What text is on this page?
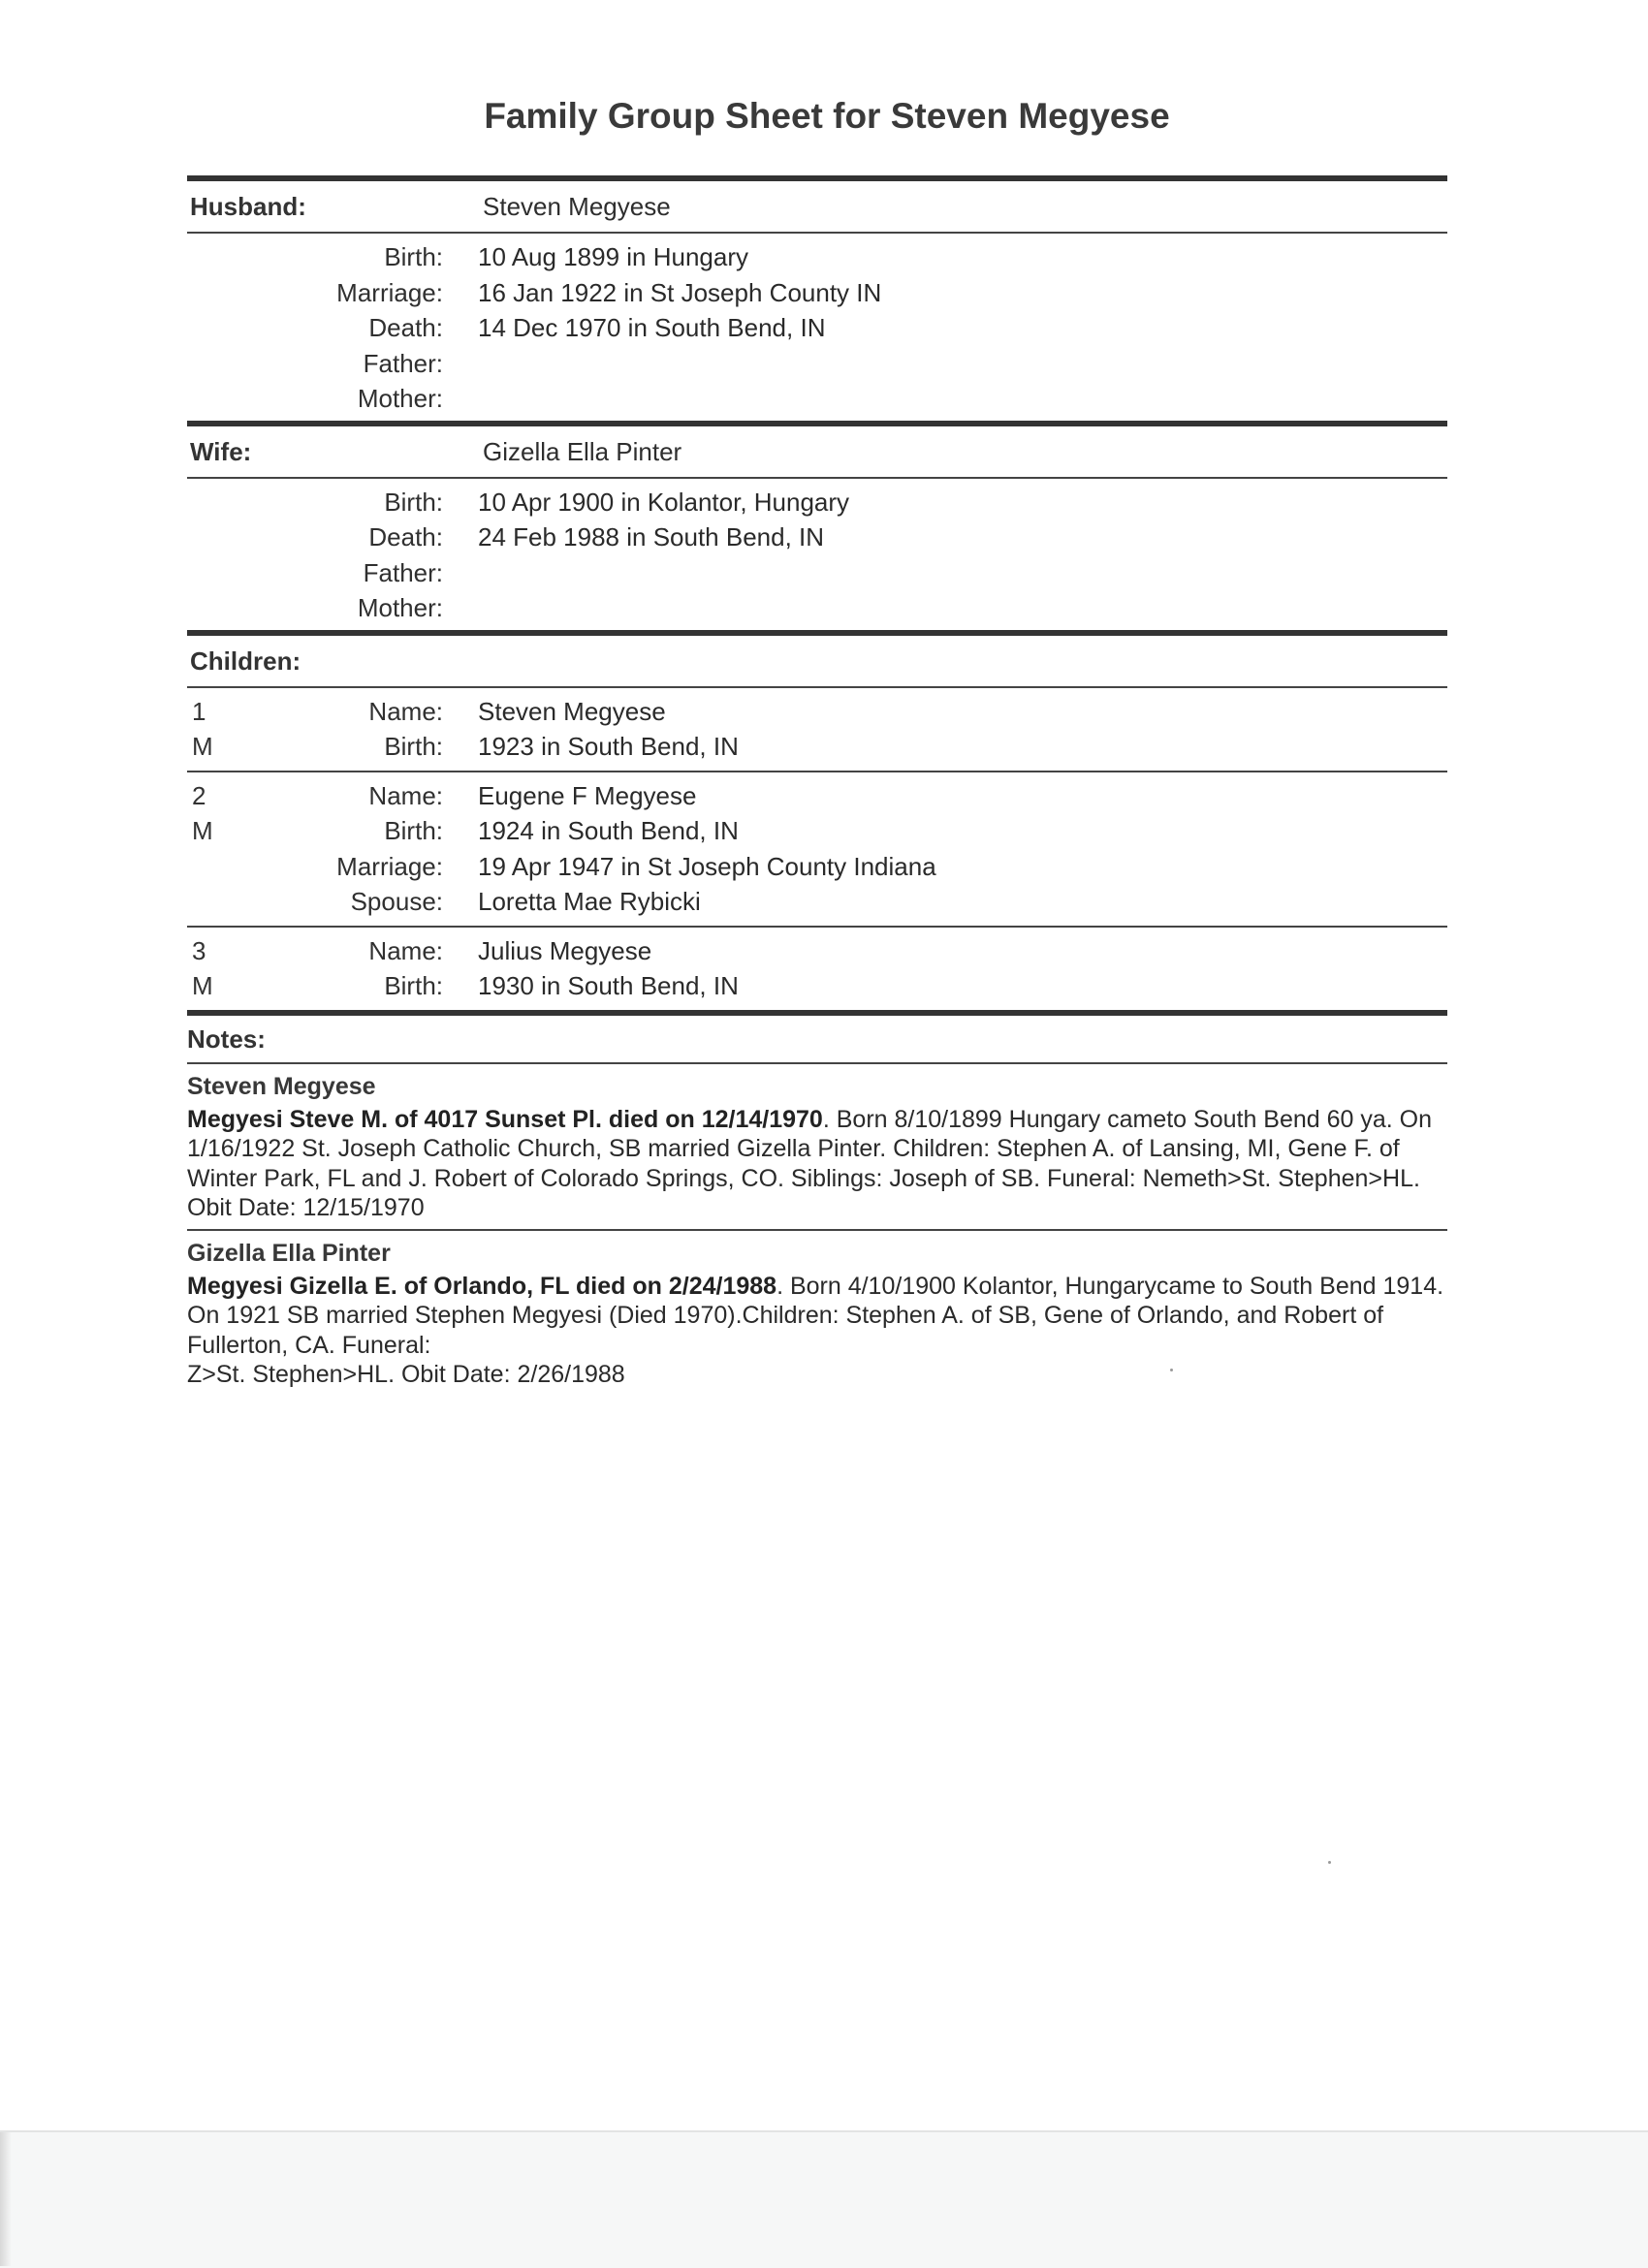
Family Group Sheet for Steven Megyese
Husband:	Steven Megyese
Birth: 10 Aug 1899 in Hungary
Marriage: 16 Jan 1922 in St Joseph County IN
Death: 14 Dec 1970 in South Bend, IN
Father:
Mother:
Wife:	Gizella Ella Pinter
Birth: 10 Apr 1900 in Kolantor, Hungary
Death: 24 Feb 1988 in South Bend, IN
Father:
Mother:
Children:
1	Name: Steven Megyese
M	Birth: 1923 in South Bend, IN
2	Name: Eugene F Megyese
M	Birth: 1924 in South Bend, IN
Marriage: 19 Apr 1947 in St Joseph County Indiana
Spouse: Loretta Mae Rybicki
3	Name: Julius Megyese
M	Birth: 1930 in South Bend, IN
Notes:
Steven Megyese
Megyesi Steve M. of 4017 Sunset Pl. died on 12/14/1970. Born 8/10/1899 Hungary cameto South Bend 60 ya. On 1/16/1922 St. Joseph Catholic Church, SB married Gizella Pinter. Children: Stephen A. of Lansing, MI, Gene F. of Winter Park, FL and J. Robert of Colorado Springs, CO. Siblings: Joseph of SB. Funeral: Nemeth>St. Stephen>HL. Obit Date: 12/15/1970
Gizella Ella Pinter
Megyesi Gizella E. of Orlando, FL died on 2/24/1988. Born 4/10/1900 Kolantor, Hungarycame to South Bend 1914. On 1921 SB married Stephen Megyesi (Died 1970).Children: Stephen A. of SB, Gene of Orlando, and Robert of Fullerton, CA. Funeral:
Z>St. Stephen>HL. Obit Date: 2/26/1988
